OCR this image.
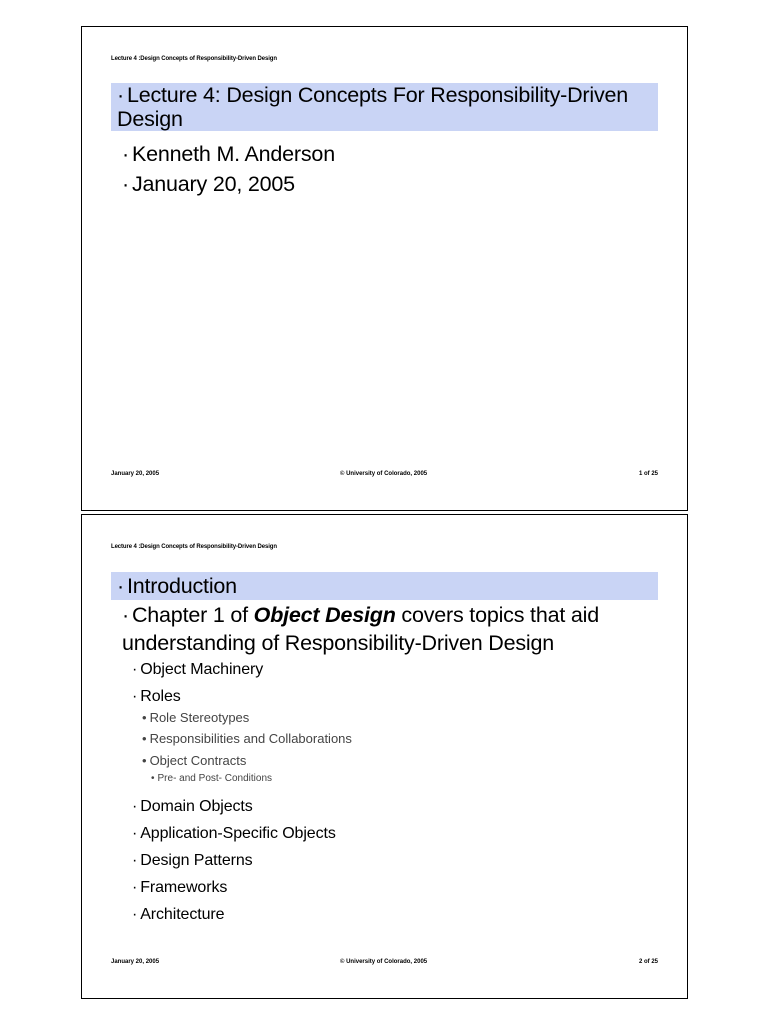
Lecture 4 :Design Concepts of Responsibility-Driven Design
· Lecture 4: Design Concepts For Responsibility-Driven Design
· Kenneth M. Anderson
· January 20, 2005
January 20, 2005	© University of Colorado, 2005	1 of 25
Lecture 4 :Design Concepts of Responsibility-Driven Design
· Introduction
· Chapter 1 of Object Design covers topics that aid understanding of Responsibility-Driven Design
· Object Machinery
· Roles
• Role Stereotypes
• Responsibilities and Collaborations
• Object Contracts
• Pre- and Post- Conditions
· Domain Objects
· Application-Specific Objects
· Design Patterns
· Frameworks
· Architecture
January 20, 2005	© University of Colorado, 2005	2 of 25
